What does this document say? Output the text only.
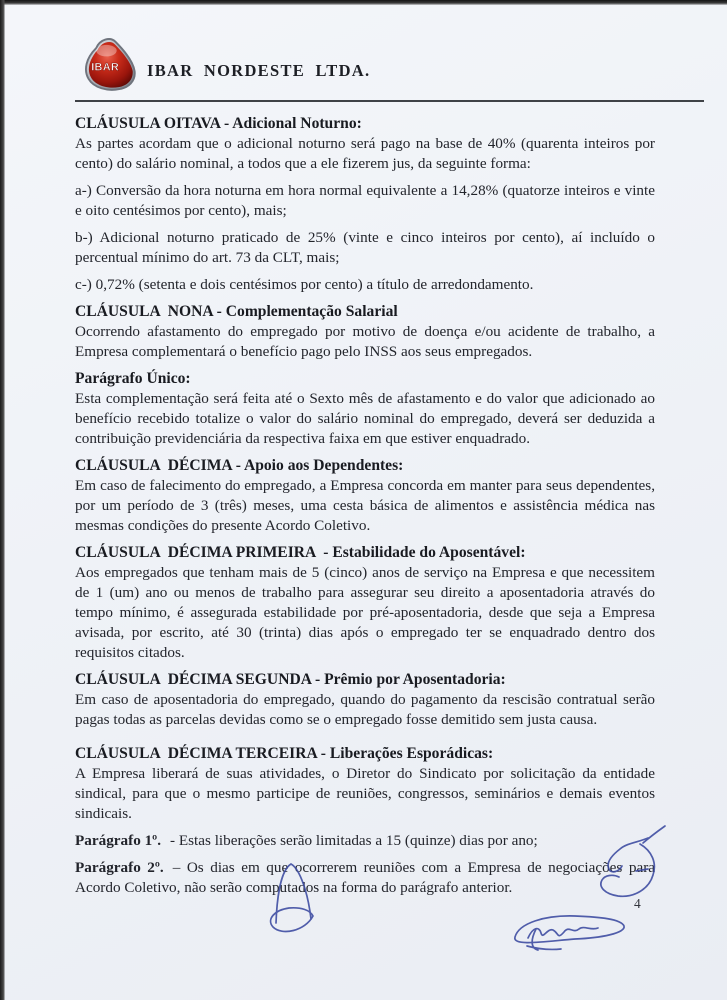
IBAR IBAR NORDESTE LTDA.
CLÁUSULA OITAVA - Adicional Noturno:

As partes acordam que o adicional noturno será pago na base de 40% (quarenta inteiros por cento) do salário nominal, a todos que a ele fizerem jus, da seguinte forma:

a-) Conversão da hora noturna em hora normal equivalente a 14,28% (quatorze inteiros e vinte e oito centésimos por cento), mais;

b-) Adicional noturno praticado de 25% (vinte e cinco inteiros por cento), aí incluído o percentual mínimo do art. 73 da CLT, mais;

c-) 0,72% (setenta e dois centésimos por cento) a título de arredondamento.

CLÁUSULA  NONA - Complementação Salarial

Ocorrendo afastamento do empregado por motivo de doença e/ou acidente de trabalho, a Empresa complementará o benefício pago pelo INSS aos seus empregados.

Parágrafo Único:

Esta complementação será feita até o Sexto mês de afastamento e do valor que adicionado ao benefício recebido totalize o valor do salário nominal do empregado, deverá ser deduzida a contribuição previdenciária da respectiva faixa em que estiver enquadrado.

CLÁUSULA  DÉCIMA - Apoio aos Dependentes:

Em caso de falecimento do empregado, a Empresa concorda em manter para seus dependentes, por um período de 3 (três) meses, uma cesta básica de alimentos e assistência médica nas mesmas condições do presente Acordo Coletivo.

CLÁUSULA  DÉCIMA PRIMEIRA  - Estabilidade do Aposentável:

Aos empregados que tenham mais de 5 (cinco) anos de serviço na Empresa e que necessitem de 1 (um) ano ou menos de trabalho para assegurar seu direito a aposentadoria através do tempo mínimo, é assegurada estabilidade por pré-aposentadoria, desde que seja a Empresa avisada, por escrito, até 30 (trinta) dias após o empregado ter se enquadrado dentro dos requisitos citados.

CLÁUSULA  DÉCIMA SEGUNDA - Prêmio por Aposentadoria:

Em caso de aposentadoria do empregado, quando do pagamento da rescisão contratual serão pagas todas as parcelas devidas como se o empregado fosse demitido sem justa causa.

CLÁUSULA  DÉCIMA TERCEIRA - Liberações Esporádicas:

A Empresa liberará de suas atividades, o Diretor do Sindicato por solicitação da entidade sindical, para que o mesmo participe de reuniões, congressos, seminários e demais eventos sindicais.

Parágrafo 1º. - Estas liberações serão limitadas a 15 (quinze) dias por ano;

Parágrafo 2º. – Os dias em que ocorrerem reuniões com a Empresa de negociações para Acordo Coletivo, não serão computados na forma do parágrafo anterior.

4
